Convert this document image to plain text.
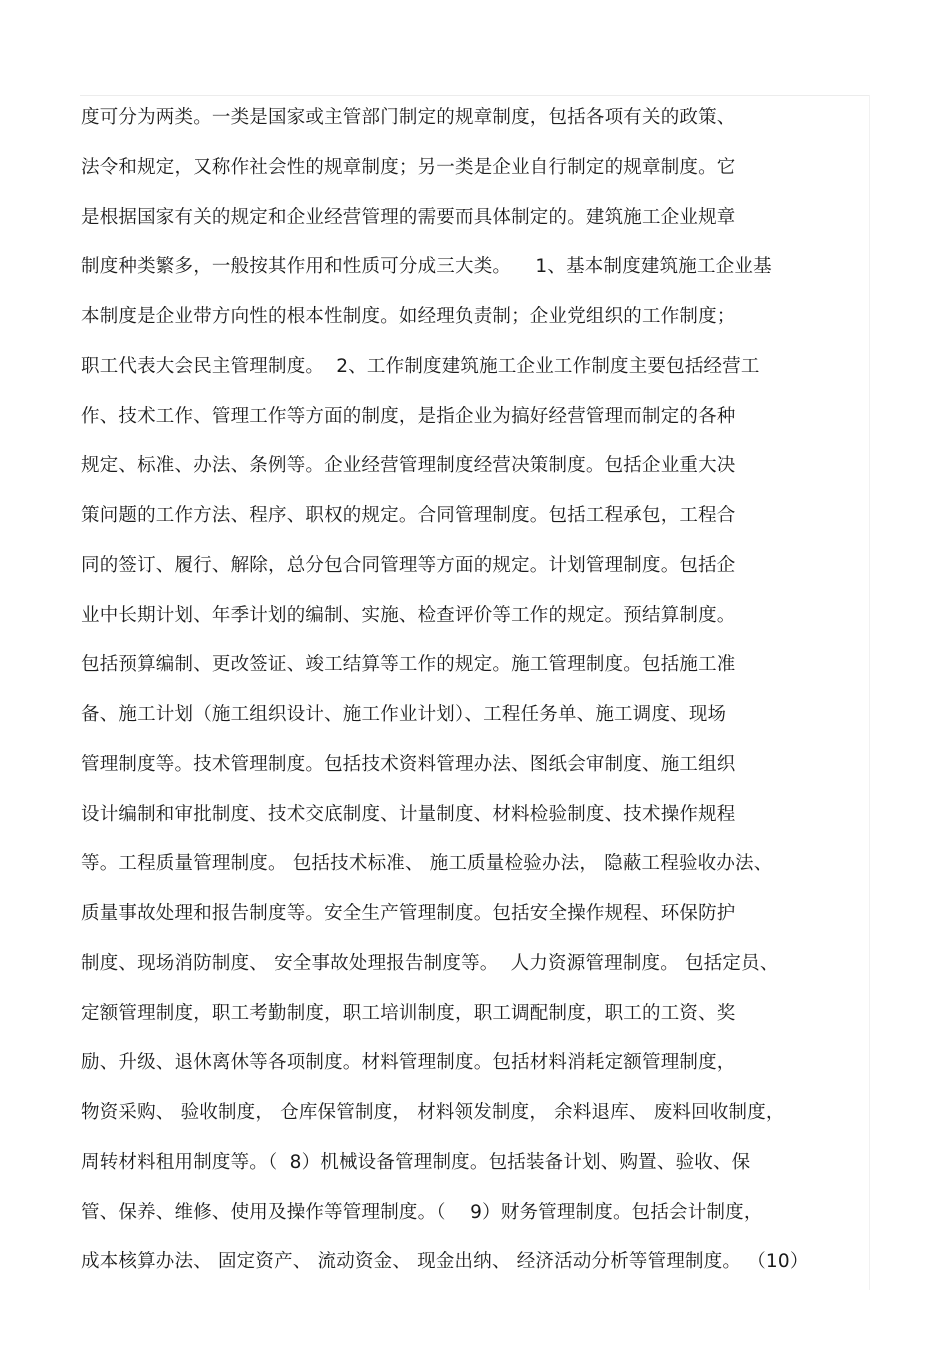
度可分为两类。一类是国家或主管部门制定的规章制度，包括各项有关的政策、
法令和规定，又称作社会性的规章制度；另一类是企业自行制定的规章制度。它
是根据国家有关的规定和企业经营管理的需要而具体制定的。建筑施工企业规章
制度种类繁多，一般按其作用和性质可分成三大类。    1、基本制度建筑施工企业基
本制度是企业带方向性的根本性制度。如经理负责制；企业党组织的工作制度；
职工代表大会民主管理制度。  2、工作制度建筑施工企业工作制度主要包括经营工
作、技术工作、管理工作等方面的制度，是指企业为搞好经营管理而制定的各种
规定、标准、办法、条例等。企业经营管理制度经营决策制度。包括企业重大决
策问题的工作方法、程序、职权的规定。合同管理制度。包括工程承包，工程合
同的签订、履行、解除，总分包合同管理等方面的规定。计划管理制度。包括企
业中长期计划、年季计划的编制、实施、检查评价等工作的规定。预结算制度。
包括预算编制、更改签证、竣工结算等工作的规定。施工管理制度。包括施工准
备、施工计划（施工组织设计、施工作业计划）、工程任务单、施工调度、现场
管理制度等。技术管理制度。包括技术资料管理办法、图纸会审制度、施工组织
设计编制和审批制度、技术交底制度、计量制度、材料检验制度、技术操作规程
等。工程质量管理制度。 包括技术标准、 施工质量检验办法， 隐蔽工程验收办法、
质量事故处理和报告制度等。安全生产管理制度。包括安全操作规程、环保防护
制度、现场消防制度、 安全事故处理报告制度等。  人力资源管理制度。 包括定员、
定额管理制度，职工考勤制度，职工培训制度，职工调配制度，职工的工资、奖
励、升级、退休离休等各项制度。材料管理制度。包括材料消耗定额管理制度，
物资采购、 验收制度， 仓库保管制度， 材料领发制度， 余料退库、 废料回收制度，
周转材料租用制度等。（  8）机械设备管理制度。包括装备计划、购置、验收、保
管、保养、维修、使用及操作等管理制度。（    9）财务管理制度。包括会计制度，
成本核算办法、 固定资产、 流动资金、 现金出纳、 经济活动分析等管理制度。 （10）
